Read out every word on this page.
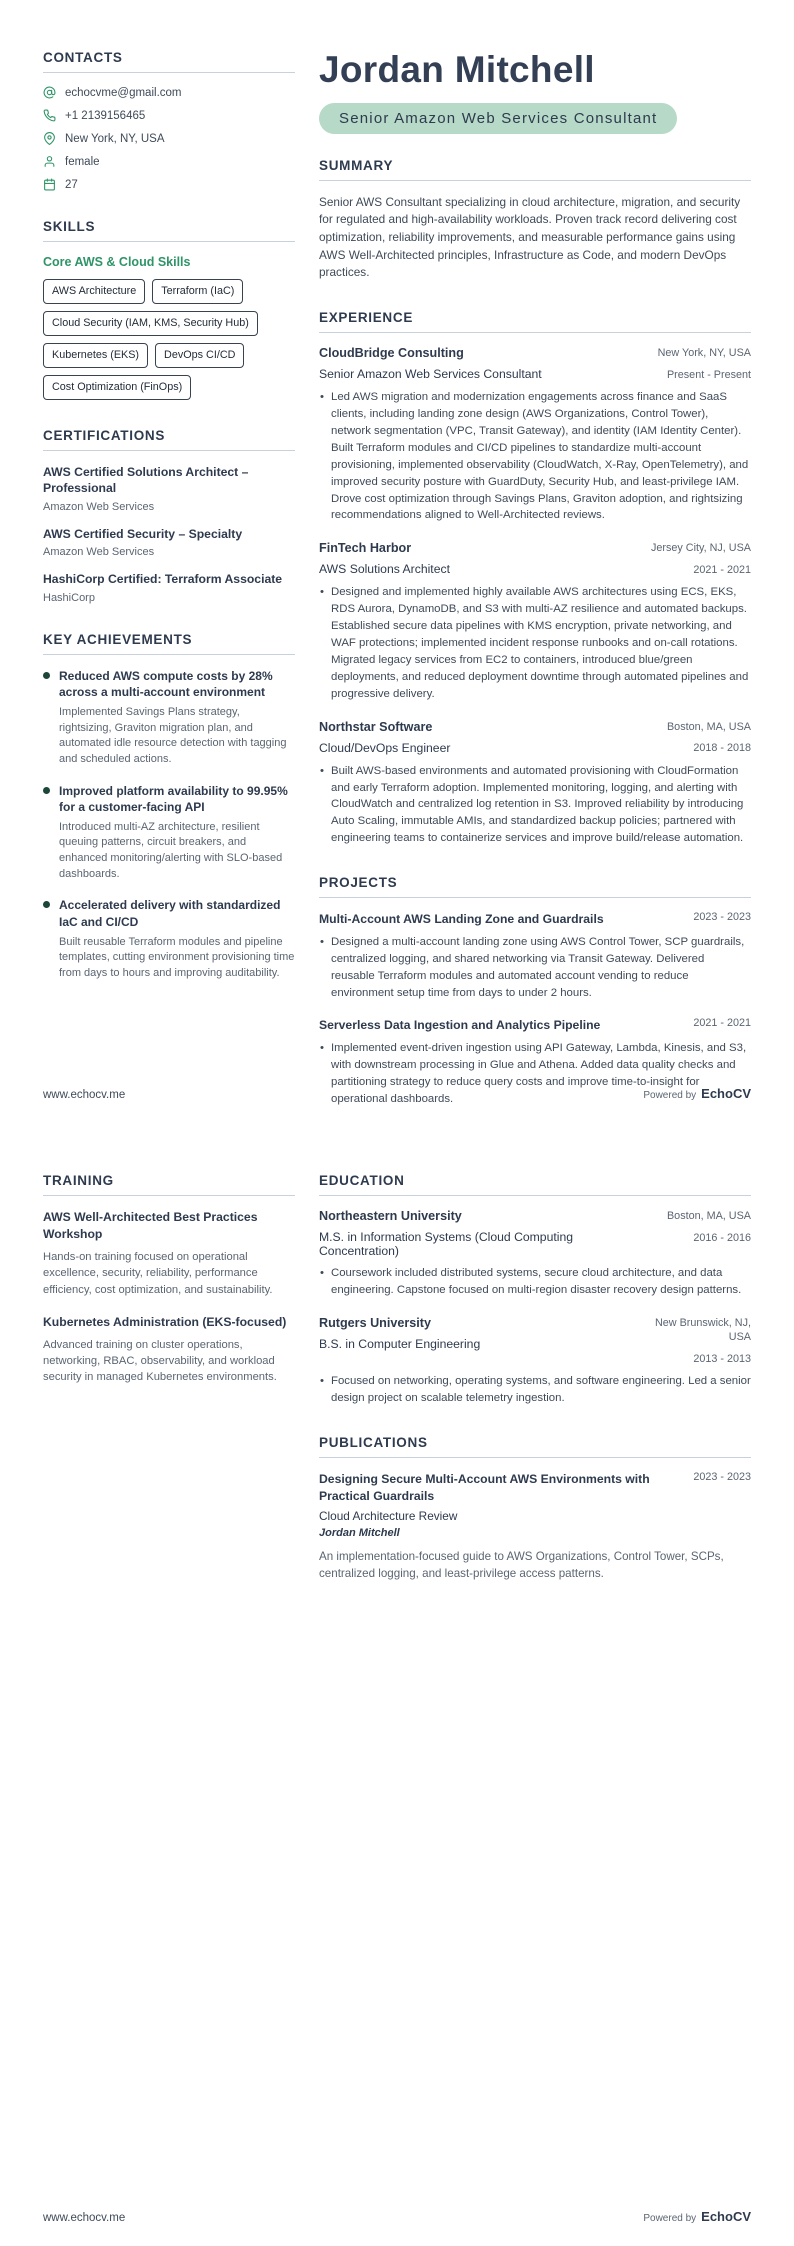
CONTACTS
echocvme@gmail.com
+1 2139156465
New York, NY, USA
female
27
SKILLS
Core AWS & Cloud Skills
AWS Architecture	Terraform (IaC)
Cloud Security (IAM, KMS, Security Hub)
Kubernetes (EKS)	DevOps CI/CD
Cost Optimization (FinOps)
CERTIFICATIONS
AWS Certified Solutions Architect – Professional
Amazon Web Services
AWS Certified Security – Specialty
Amazon Web Services
HashiCorp Certified: Terraform Associate
HashiCorp
KEY ACHIEVEMENTS
Reduced AWS compute costs by 28% across a multi-account environment
Implemented Savings Plans strategy, rightsizing, Graviton migration plan, and automated idle resource detection with tagging and scheduled actions.
Improved platform availability to 99.95% for a customer-facing API
Introduced multi-AZ architecture, resilient queuing patterns, circuit breakers, and enhanced monitoring/alerting with SLO-based dashboards.
Accelerated delivery with standardized IaC and CI/CD
Built reusable Terraform modules and pipeline templates, cutting environment provisioning time from days to hours and improving auditability.
Jordan Mitchell
Senior Amazon Web Services Consultant
SUMMARY
Senior AWS Consultant specializing in cloud architecture, migration, and security for regulated and high-availability workloads. Proven track record delivering cost optimization, reliability improvements, and measurable performance gains using AWS Well-Architected principles, Infrastructure as Code, and modern DevOps practices.
EXPERIENCE
CloudBridge Consulting
Senior Amazon Web Services Consultant
New York, NY, USA
Present - Present
• Led AWS migration and modernization engagements across finance and SaaS clients, including landing zone design (AWS Organizations, Control Tower), network segmentation (VPC, Transit Gateway), and identity (IAM Identity Center). Built Terraform modules and CI/CD pipelines to standardize multi-account provisioning, implemented observability (CloudWatch, X-Ray, OpenTelemetry), and improved security posture with GuardDuty, Security Hub, and least-privilege IAM. Drove cost optimization through Savings Plans, Graviton adoption, and rightsizing recommendations aligned to Well-Architected reviews.
FinTech Harbor
AWS Solutions Architect
Jersey City, NJ, USA
2021 - 2021
• Designed and implemented highly available AWS architectures using ECS, EKS, RDS Aurora, DynamoDB, and S3 with multi-AZ resilience and automated backups. Established secure data pipelines with KMS encryption, private networking, and WAF protections; implemented incident response runbooks and on-call rotations. Migrated legacy services from EC2 to containers, introduced blue/green deployments, and reduced deployment downtime through automated pipelines and progressive delivery.
Northstar Software
Cloud/DevOps Engineer
Boston, MA, USA
2018 - 2018
• Built AWS-based environments and automated provisioning with CloudFormation and early Terraform adoption. Implemented monitoring, logging, and alerting with CloudWatch and centralized log retention in S3. Improved reliability by introducing Auto Scaling, immutable AMIs, and standardized backup policies; partnered with engineering teams to containerize services and improve build/release automation.
PROJECTS
Multi-Account AWS Landing Zone and Guardrails	2023 - 2023
• Designed a multi-account landing zone using AWS Control Tower, SCP guardrails, centralized logging, and shared networking via Transit Gateway. Delivered reusable Terraform modules and automated account vending to reduce environment setup time from days to under 2 hours.
Serverless Data Ingestion and Analytics Pipeline	2021 - 2021
• Implemented event-driven ingestion using API Gateway, Lambda, Kinesis, and S3, with downstream processing in Glue and Athena. Added data quality checks and partitioning strategy to reduce query costs and improve time-to-insight for operational dashboards.
www.echocv.me	Powered by EchoCV
TRAINING
AWS Well-Architected Best Practices Workshop
Hands-on training focused on operational excellence, security, reliability, performance efficiency, cost optimization, and sustainability.
Kubernetes Administration (EKS-focused)
Advanced training on cluster operations, networking, RBAC, observability, and workload security in managed Kubernetes environments.
EDUCATION
Northeastern University
M.S. in Information Systems (Cloud Computing Concentration)
Boston, MA, USA
2016 - 2016
• Coursework included distributed systems, secure cloud architecture, and data engineering. Capstone focused on multi-region disaster recovery design patterns.
Rutgers University
B.S. in Computer Engineering
New Brunswick, NJ, USA
2013 - 2013
• Focused on networking, operating systems, and software engineering. Led a senior design project on scalable telemetry ingestion.
PUBLICATIONS
Designing Secure Multi-Account AWS Environments with Practical Guardrails
2023 - 2023
Cloud Architecture Review
Jordan Mitchell
An implementation-focused guide to AWS Organizations, Control Tower, SCPs, centralized logging, and least-privilege access patterns.
www.echocv.me	Powered by EchoCV
